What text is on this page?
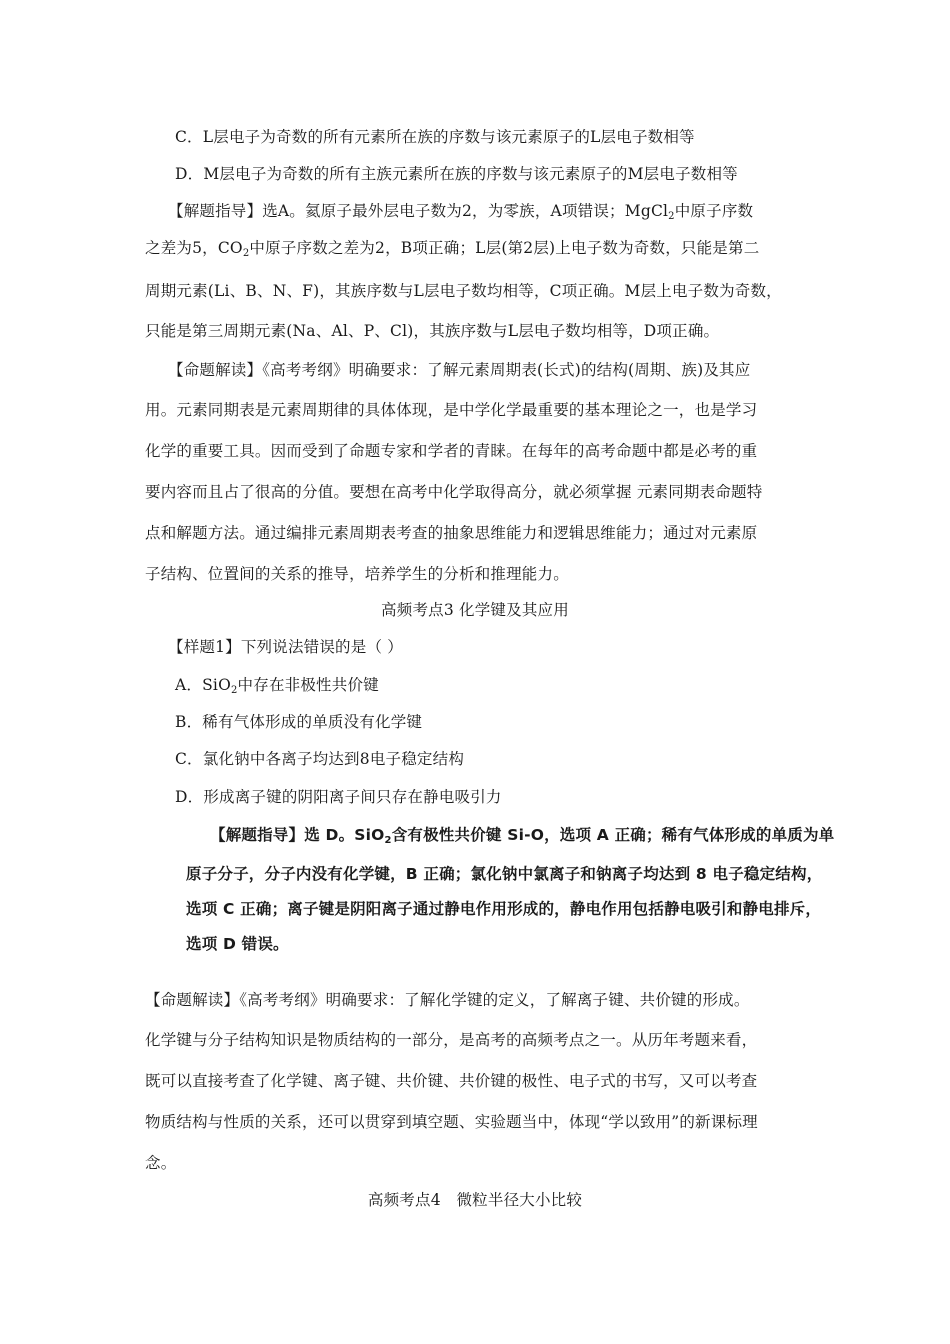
C．L层电子为奇数的所有元素所在族的序数与该元素原子的L层电子数相等
D．M层电子为奇数的所有主族元素所在族的序数与该元素原子的M层电子数相等
【解题指导】选A。氦原子最外层电子数为2，为零族，A项错误；MgCl$_2$中原子序数
之差为5，$CO_2$中原子序数之差为2，B项正确；L层(第2层)上电子数为奇数，只能是第二
周期元素(Li、B、N、F)，其族序数与L层电子数均相等，C项正确。M层上电子数为奇数，
只能是第三周期元素(Na、Al、P、Cl)，其族序数与L层电子数均相等，D项正确。
【命题解读】《高考考纲》明确要求：了解元素周期表(长式)的结构(周期、族)及其应
用。元素同期表是元素周期律的具体体现，是中学化学最重要的基本理论之一，也是学习
化学的重要工具。因而受到了命题专家和学者的青睐。在每年的高考命题中都是必考的重
要内容而且占了很高的分值。要想在高考中化学取得高分，就必须掌握 元素同期表命题特
点和解题方法。通过编排元素周期表考查的抽象思维能力和逻辑思维能力；通过对元素原
子结构、位置间的关系的推导，培养学生的分析和推理能力。
高频考点3 化学键及其应用
【样题1】下列说法错误的是（ ）
A．SiO$_2$中存在非极性共价键
B．稀有气体形成的单质没有化学键
C．氯化钠中各离子均达到8电子稳定结构
D．形成离子键的阴阳离子间只存在静电吸引力
【解题指导】选 D。SiO$_2$含有极性共价键 Si-O，选项 A 正确；稀有气体形成的单质为单
原子分子，分子内没有化学键，B 正确；氯化钠中氯离子和钠离子均达到 8 电子稳定结构，
选项 C 正确；离子键是阴阳离子通过静电作用形成的，静电作用包括静电吸引和静电排斥，
选项 D 错误。
【命题解读】《高考考纲》明确要求：了解化学键的定义，了解离子键、共价键的形成。
化学键与分子结构知识是物质结构的一部分，是高考的高频考点之一。从历年考题来看，
既可以直接考查了化学键、离子键、共价键、共价键的极性、电子式的书写，又可以考查
物质结构与性质的关系，还可以贯穿到填空题、实验题当中，体现“学以致用”的新课标理
念。
高频考点4　微粒半径大小比较
